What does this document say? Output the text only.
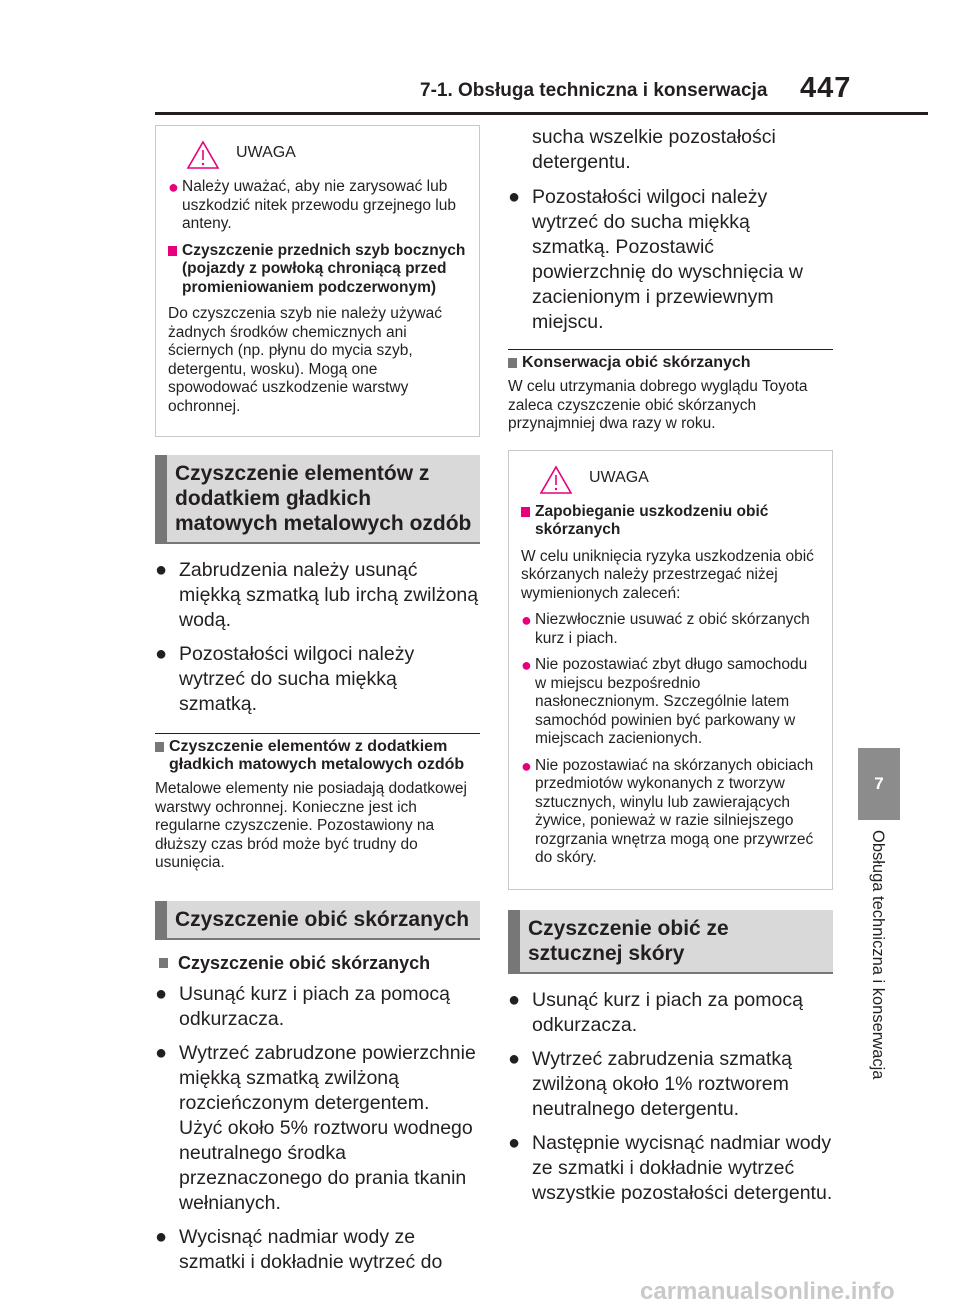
7-1. Obsługa techniczna i konserwacja 447
7
Obsługa techniczna i konserwacja
UWAGA
● Należy uważać, aby nie zarysować lub uszkodzić nitek przewodu grzejnego lub anteny.
Czyszczenie przednich szyb bocznych (pojazdy z powłoką chroniącą przed promieniowaniem podczerwonym)
Do czyszczenia szyb nie należy używać żadnych środków chemicznych ani ściernych (np. płynu do mycia szyb, detergentu, wosku). Mogą one spowodować uszkodzenie warstwy ochronnej.
Czyszczenie elementów z dodatkiem gładkich matowych metalowych ozdób
● Zabrudzenia należy usunąć miękką szmatką lub irchą zwilżoną wodą.
● Pozostałości wilgoci należy wytrzeć do sucha miękką szmatką.
Czyszczenie elementów z dodatkiem gładkich matowych metalowych ozdób
Metalowe elementy nie posiadają dodatkowej warstwy ochronnej. Konieczne jest ich regularne czyszczenie. Pozostawiony na dłuższy czas bród może być trudny do usunięcia.
Czyszczenie obić skórzanych
Czyszczenie obić skórzanych
● Usunąć kurz i piach za pomocą odkurzacza.
● Wytrzeć zabrudzone powierzchnie miękką szmatką zwilżoną rozcieńczonym detergentem.
Użyć około 5% roztworu wodnego neutralnego środka przeznaczonego do prania tkanin wełnianych.
● Wycisnąć nadmiar wody ze szmatki i dokładnie wytrzeć do
sucha wszelkie pozostałości detergentu.
● Pozostałości wilgoci należy wytrzeć do sucha miękką szmatką. Pozostawić powierzchnię do wyschnięcia w zacienionym i przewiewnym miejscu.
Konserwacja obić skórzanych
W celu utrzymania dobrego wyglądu Toyota zaleca czyszczenie obić skórzanych przynajmniej dwa razy w roku.
UWAGA
Zapobieganie uszkodzeniu obić skórzanych
W celu uniknięcia ryzyka uszkodzenia obić skórzanych należy przestrzegać niżej wymienionych zaleceń:
● Niezwłocznie usuwać z obić skórzanych kurz i piach.
● Nie pozostawiać zbyt długo samochodu w miejscu bezpośrednio nasłonecznionym. Szczególnie latem samochód powinien być parkowany w miejscach zacienionych.
● Nie pozostawiać na skórzanych obiciach przedmiotów wykonanych z tworzyw sztucznych, winylu lub zawierających żywice, ponieważ w razie silniejszego rozgrzania wnętrza mogą one przywrzeć do skóry.
Czyszczenie obić ze sztucznej skóry
● Usunąć kurz i piach za pomocą odkurzacza.
● Wytrzeć zabrudzenia szmatką zwilżoną około 1% roztworem neutralnego detergentu.
● Następnie wycisnąć nadmiar wody ze szmatki i dokładnie wytrzeć wszystkie pozostałości detergentu.
carmanualsonline.info
